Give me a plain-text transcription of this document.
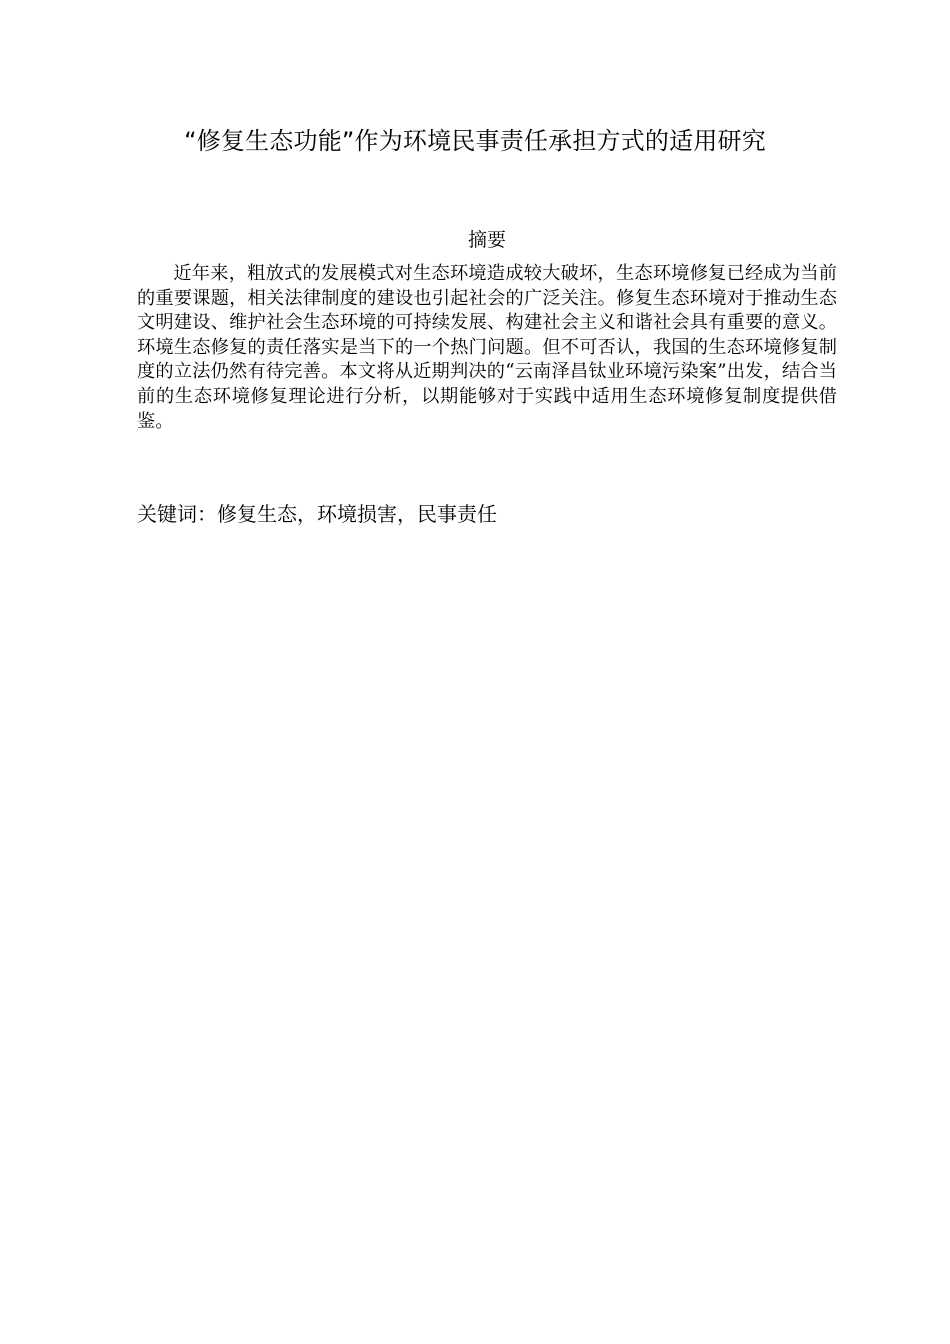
“修复生态功能”作为环境民事责任承担方式的适用研究
摘要

近年来，粗放式的发展模式对生态环境造成较大破坏，生态环境修复已经成为当前的重要课题，相关法律制度的建设也引起社会的广泛关注。修复生态环境对于推动生态文明建设、维护社会生态环境的可持续发展、构建社会主义和谐社会具有重要的意义。环境生态修复的责任落实是当下的一个热门问题。但不可否认，我国的生态环境修复制度的立法仍然有待完善。本文将从近期判决的“云南泽昌钛业环境污染案”出发，结合当前的生态环境修复理论进行分析，以期能够对于实践中适用生态环境修复制度提供借鉴。

关键词：修复生态，环境损害，民事责任
